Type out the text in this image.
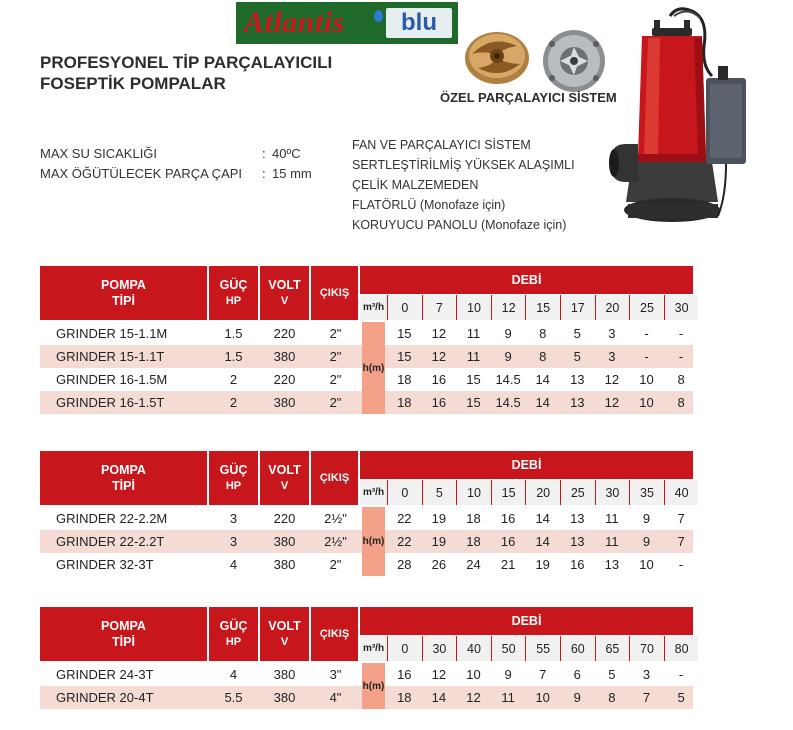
Atlantis	blu
PROFESYONEL TİP PARÇALAYICILI
FOSEPTİK POMPALAR
ÖZEL PARÇALAYICI SİSTEM
MAX SU SICAKLIĞI	: 40ºC
MAX ÖĞÜTÜLECEK PARÇA ÇAPI : 15 mm
FAN VE PARÇALAYICI SİSTEM
SERTLEŞTİRİLMİŞ YÜKSEK ALAŞIMLI
ÇELİK MALZEMEDEN
FLATÖRLÜ (Monofaze için)
KORUYUCU PANOLU (Monofaze için)
POMPA
TİPİ
GÜÇ
HP
VOLT
V
ÇIKIŞ
DEBİ
m³/h	0	7	10	12	15	17	20	25	30
GRINDER 15-1.1M	1.5	220	2"	15	12	11	9	8	5	3	-	-
GRINDER 15-1.1T	1.5	380	2"	15	12	11	9	8	5	3	-	-
GRINDER 16-1.5M	2	220	2"	18	16	15	14.5	14	13	12	10	8
GRINDER 16-1.5T	2	380	2"	18	16	15	14.5	14	13	12	10	8
h(m)
POMPA
TİPİ
GÜÇ
HP
VOLT
V
ÇIKIŞ
DEBİ
m³/h	0	5	10	15	20	25	30	35	40
GRINDER 22-2.2M	3	220	2½"	22	19	18	16	14	13	11	9	7
GRINDER 22-2.2T	3	380	2½"	22	19	18	16	14	13	11	9	7
GRINDER 32-3T	4	380	2"	28	26	24	21	19	16	13	10	-
h(m)
POMPA
TİPİ
GÜÇ
HP
VOLT
V
ÇIKIŞ
DEBİ
m³/h	0	30	40	50	55	60	65	70	80
GRINDER 24-3T	4	380	3"	16	12	10	9	7	6	5	3	-
GRINDER 20-4T	5.5	380	4"	18	14	12	11	10	9	8	7	5
h(m)
